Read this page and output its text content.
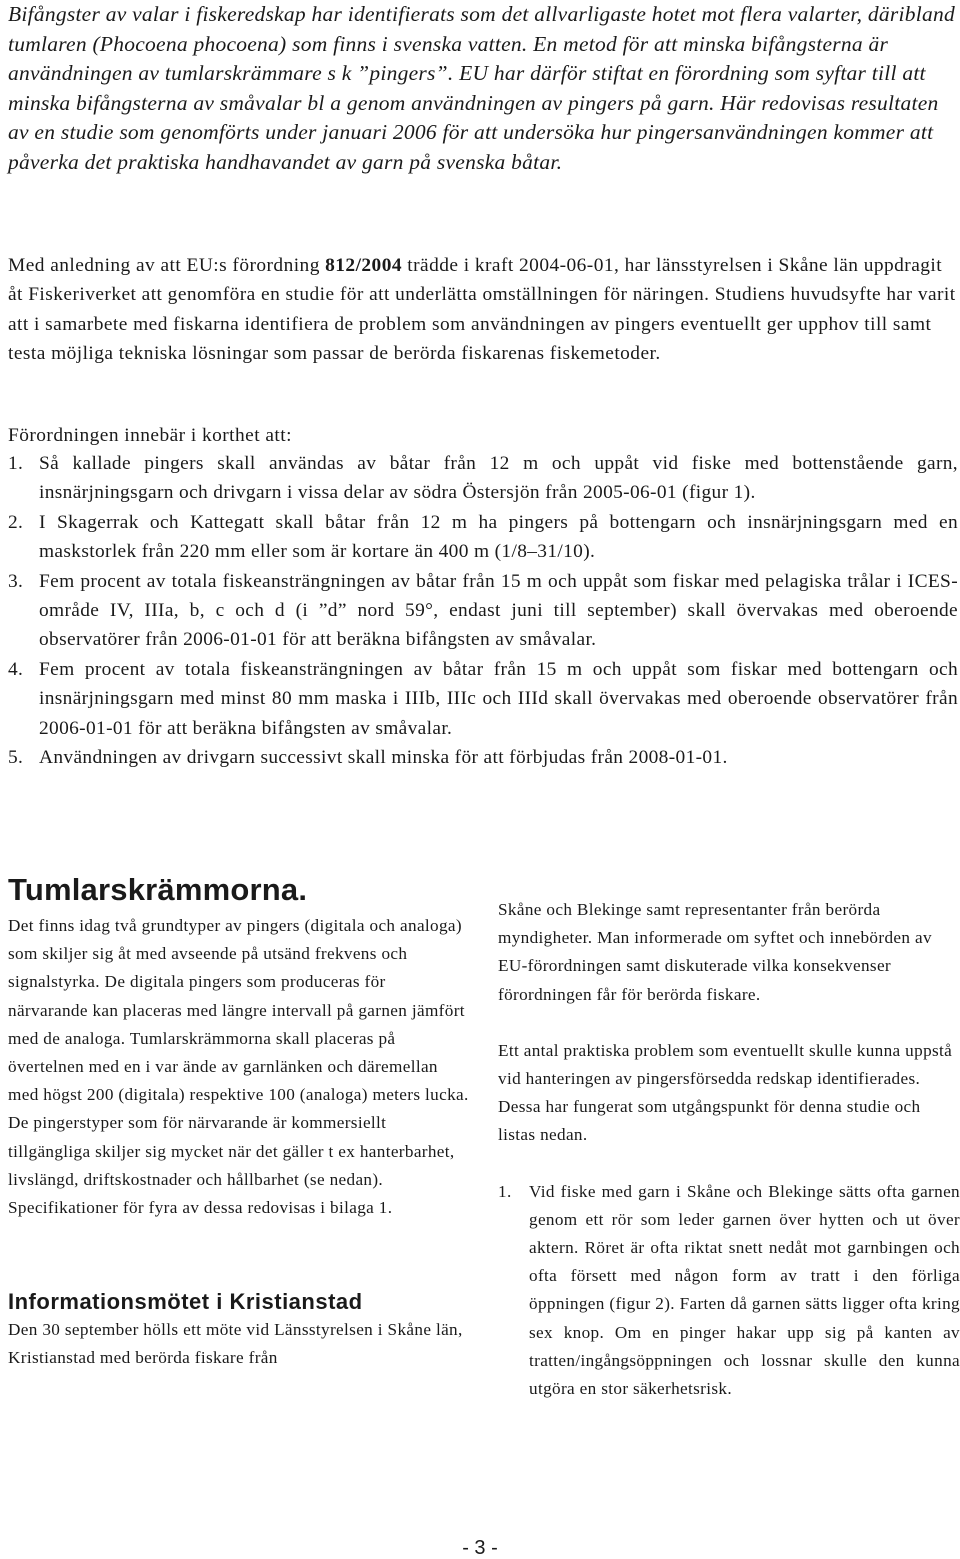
Bifångster av valar i fiskeredskap har identifierats som det allvarligaste hotet mot flera valarter, däribland tumlaren (Phocoena phocoena) som finns i svenska vatten. En metod för att minska bifångsterna är användningen av tumlarskrämmare s k ”pingers”. EU har därför stiftat en förordning som syftar till att minska bifångsterna av småvalar bl a genom användningen av pingers på garn. Här redovisas resultaten av en studie som genomförts under januari 2006 för att undersöka hur pingersanvändningen kommer att påverka det praktiska handhavandet av garn på svenska båtar.

Med anledning av att EU:s förordning 812/2004 trädde i kraft 2004-06-01, har länsstyrelsen i Skåne län uppdragit åt Fiskeriverket att genomföra en studie för att underlätta omställningen för näringen. Studiens huvudsyfte har varit att i samarbete med fiskarna identifiera de problem som användningen av pingers eventuellt ger upphov till samt testa möjliga tekniska lösningar som passar de berörda fiskarenas fiskemetoder.

Förordningen innebär i korthet att:

1. Så kallade pingers skall användas av båtar från 12 m och uppåt vid fiske med bottenstående garn, insnärjningsgarn och drivgarn i vissa delar av södra Östersjön från 2005-06-01 (figur 1).
2. I Skagerrak och Kattegatt skall båtar från 12 m ha pingers på bottengarn och insnärjningsgarn med en maskstorlek från 220 mm eller som är kortare än 400 m (1/8–31/10).
3. Fem procent av totala fiskeansträngningen av båtar från 15 m och uppåt som fiskar med pelagiska trålar i ICES-område IV, IIIa, b, c och d (i ”d” nord 59°, endast juni till september) skall övervakas med oberoende observatörer från 2006-01-01 för att beräkna bifångsten av småvalar.
4. Fem procent av totala fiskeansträngningen av båtar från 15 m och uppåt som fiskar med bottengarn och insnärjningsgarn med minst 80 mm maska i IIIb, IIIc och IIId skall övervakas med oberoende observatörer från 2006-01-01 för att beräkna bifångsten av småvalar.
5. Användningen av drivgarn successivt skall minska för att förbjudas från 2008-01-01.
Tumlarskrämmorna.

Det finns idag två grundtyper av pingers (digitala och analoga) som skiljer sig åt med avseende på utsänd frekvens och signalstyrka. De digitala pingers som produceras för närvarande kan placeras med längre intervall på garnen jämfört med de analoga. Tumlarskrämmorna skall placeras på övertelnen med en i var ände av garnlänken och däremellan med högst 200 (digitala) respektive 100 (analoga) meters lucka. De pingerstyper som för närvarande är kommersiellt tillgängliga skiljer sig mycket när det gäller t ex hanterbarhet, livslängd, driftskostnader och hållbarhet (se nedan). Specifikationer för fyra av dessa redovisas i bilaga 1.

Informationsmötet i Kristianstad

Den 30 september hölls ett möte vid Länsstyrelsen i Skåne län, Kristianstad med berörda fiskare från

Skåne och Blekinge samt representanter från berörda myndigheter. Man informerade om syftet och innebörden av EU-förordningen samt diskuterade vilka konsekvenser förordningen får för berörda fiskare.

Ett antal praktiska problem som eventuellt skulle kunna uppstå vid hanteringen av pingersförsedda redskap identifierades. Dessa har fungerat som utgångspunkt för denna studie och listas nedan.

1. Vid fiske med garn i Skåne och Blekinge sätts ofta garnen genom ett rör som leder garnen över hytten och ut över aktern. Röret är ofta riktat snett nedåt mot garnbingen och ofta försett med någon form av tratt i den förliga öppningen (figur 2). Farten då garnen sätts ligger ofta kring sex knop. Om en pinger hakar upp sig på kanten av tratten/ingångsöppningen och lossnar skulle den kunna utgöra en stor säkerhetsrisk.
- 3 -
